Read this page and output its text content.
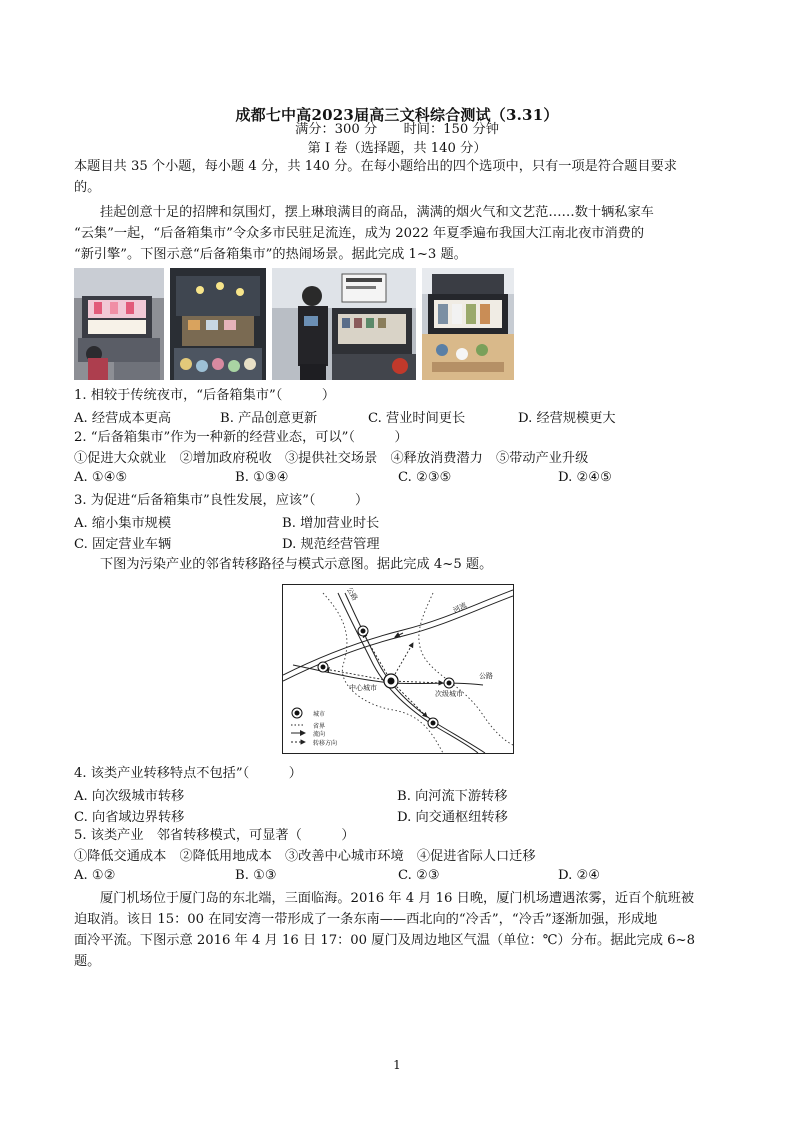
成都七中高2023届高三文科综合测试（3.31）
满分：300 分　　时间：150 分钟
第 I 卷（选择题，共 140 分）
本题目共 35 个小题，每小题 4 分，共 140 分。在每小题给出的四个选项中，只有一项是符合题目要求
的。
挂起创意十足的招牌和氛围灯，摆上琳琅满目的商品，满满的烟火气和文艺范……数十辆私家车
“云集”一起，“后备箱集市”令众多市民驻足流连，成为 2022 年夏季遍布我国大江南北夜市消费的
“新引擎”。下图示意“后备箱集市”的热闹场景。据此完成 1~3 题。
1. 相较于传统夜市，“后备箱集市”（　　　）
A. 经营成本更高	B. 产品创意更新	C. 营业时间更长	D. 经营规模更大
2. “后备箱集市”作为一种新的经营业态，可以”（　　　）
①促进大众就业　②增加政府税收　③提供社交场景　④释放消费潜力　⑤带动产业升级
A. ①④⑤	B. ①③④	C. ②③⑤	D. ②④⑤
3. 为促进“后备箱集市”良性发展，应该”（　　　）
A. 缩小集市规模	B. 增加营业时长
C. 固定营业车辆	D. 规范经营管理
下图为污染产业的邻省转移路径与模式示意图。据此完成 4~5 题。
公路
河流
公路
中心城市
次级城市
城市
省界
流向
转移方向
4. 该类产业转移特点不包括”（　　　）
A. 向次级城市转移	B. 向河流下游转移
C. 向省域边界转移	D. 向交通枢纽转移
5. 该类产业　邻省转移模式，可显著（　　　）
①降低交通成本　②降低用地成本　③改善中心城市环境　④促进省际人口迁移
A. ①②	B. ①③	C. ②③	D. ②④
厦门机场位于厦门岛的东北端，三面临海。2016 年 4 月 16 日晚，厦门机场遭遇浓雾，近百个航班被
迫取消。该日 15：00 在同安湾一带形成了一条东南——西北向的“冷舌”，“冷舌”逐渐加强，形成地
面冷平流。下图示意 2016 年 4 月 16 日 17：00 厦门及周边地区气温（单位：℃）分布。据此完成 6~8
题。
1
